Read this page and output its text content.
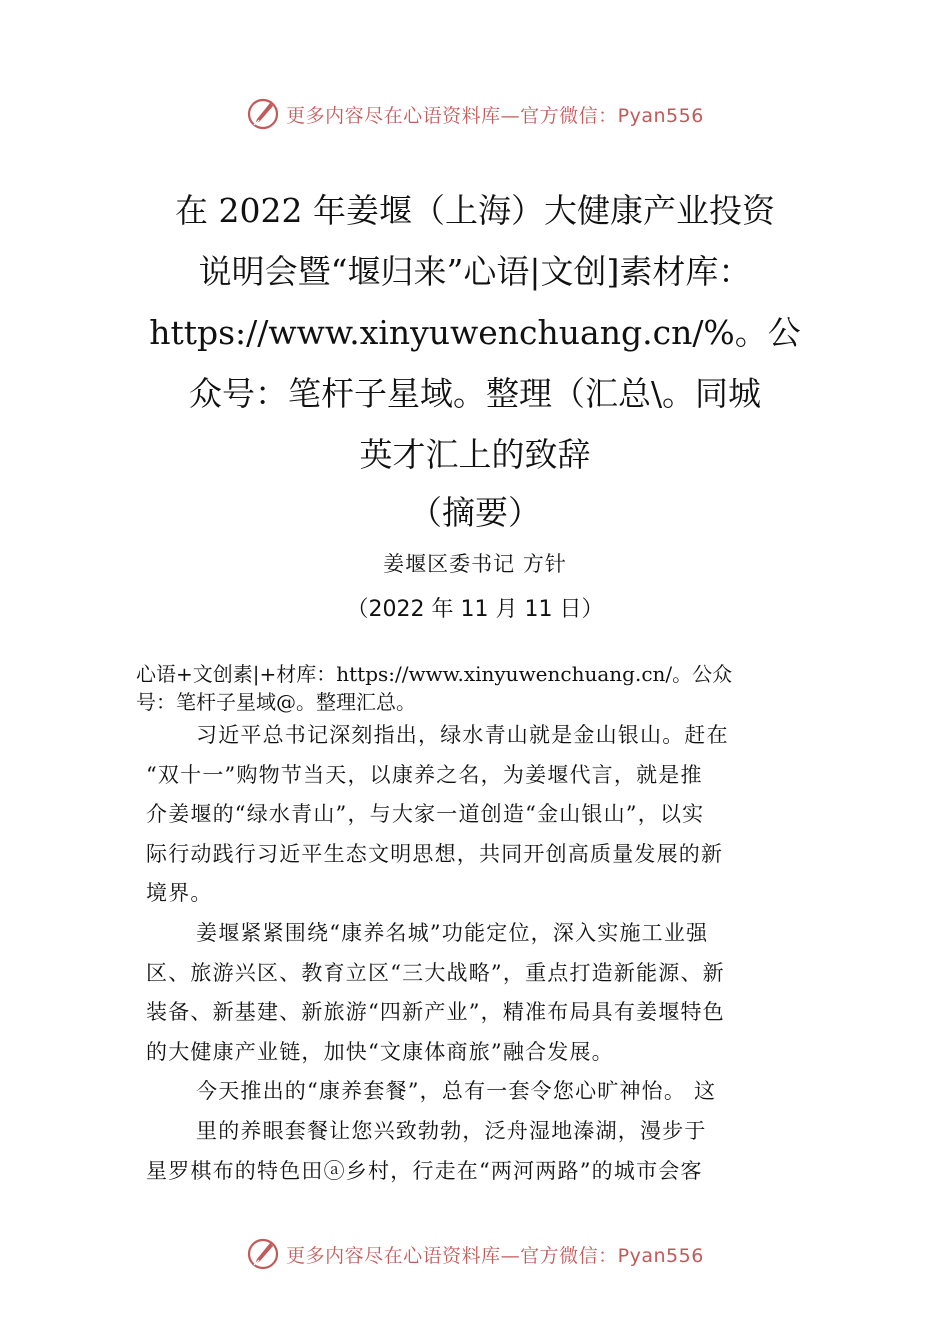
更多内容尽在心语资料库—官方微信：Pyan556
在 2022 年姜堰（上海）大健康产业投资
说明会暨“堰归来”心语|文创]素材库：
https://www.xinyuwenchuang.cn/%。公
众号：笔杆子星域。整理（汇总\。同城
英才汇上的致辞
（摘要）
姜堰区委书记 方针
（2022 年 11 月 11 日）
心语+文创素|+材库：https://www.xinyuwenchuang.cn/。公众
号：笔杆子星域@。整理汇总。
习近平总书记深刻指出，绿水青山就是金山银山。赶在
“双十一”购物节当天，以康养之名，为姜堰代言，就是推
介姜堰的“绿水青山”，与大家一道创造“金山银山”，以实
际行动践行习近平生态文明思想，共同开创高质量发展的新
境界。
姜堰紧紧围绕“康养名城”功能定位，深入实施工业强
区、旅游兴区、教育立区“三大战略”，重点打造新能源、新
装备、新基建、新旅游“四新产业”，精准布局具有姜堰特色
的大健康产业链，加快“文康体商旅”融合发展。
今天推出的“康养套餐”，总有一套令您心旷神怡。 这
里的养眼套餐让您兴致勃勃，泛舟湿地溱湖，漫步于
星罗棋布的特色田ⓐ乡村，行走在“两河两路”的城市会客
更多内容尽在心语资料库—官方微信：Pyan556
